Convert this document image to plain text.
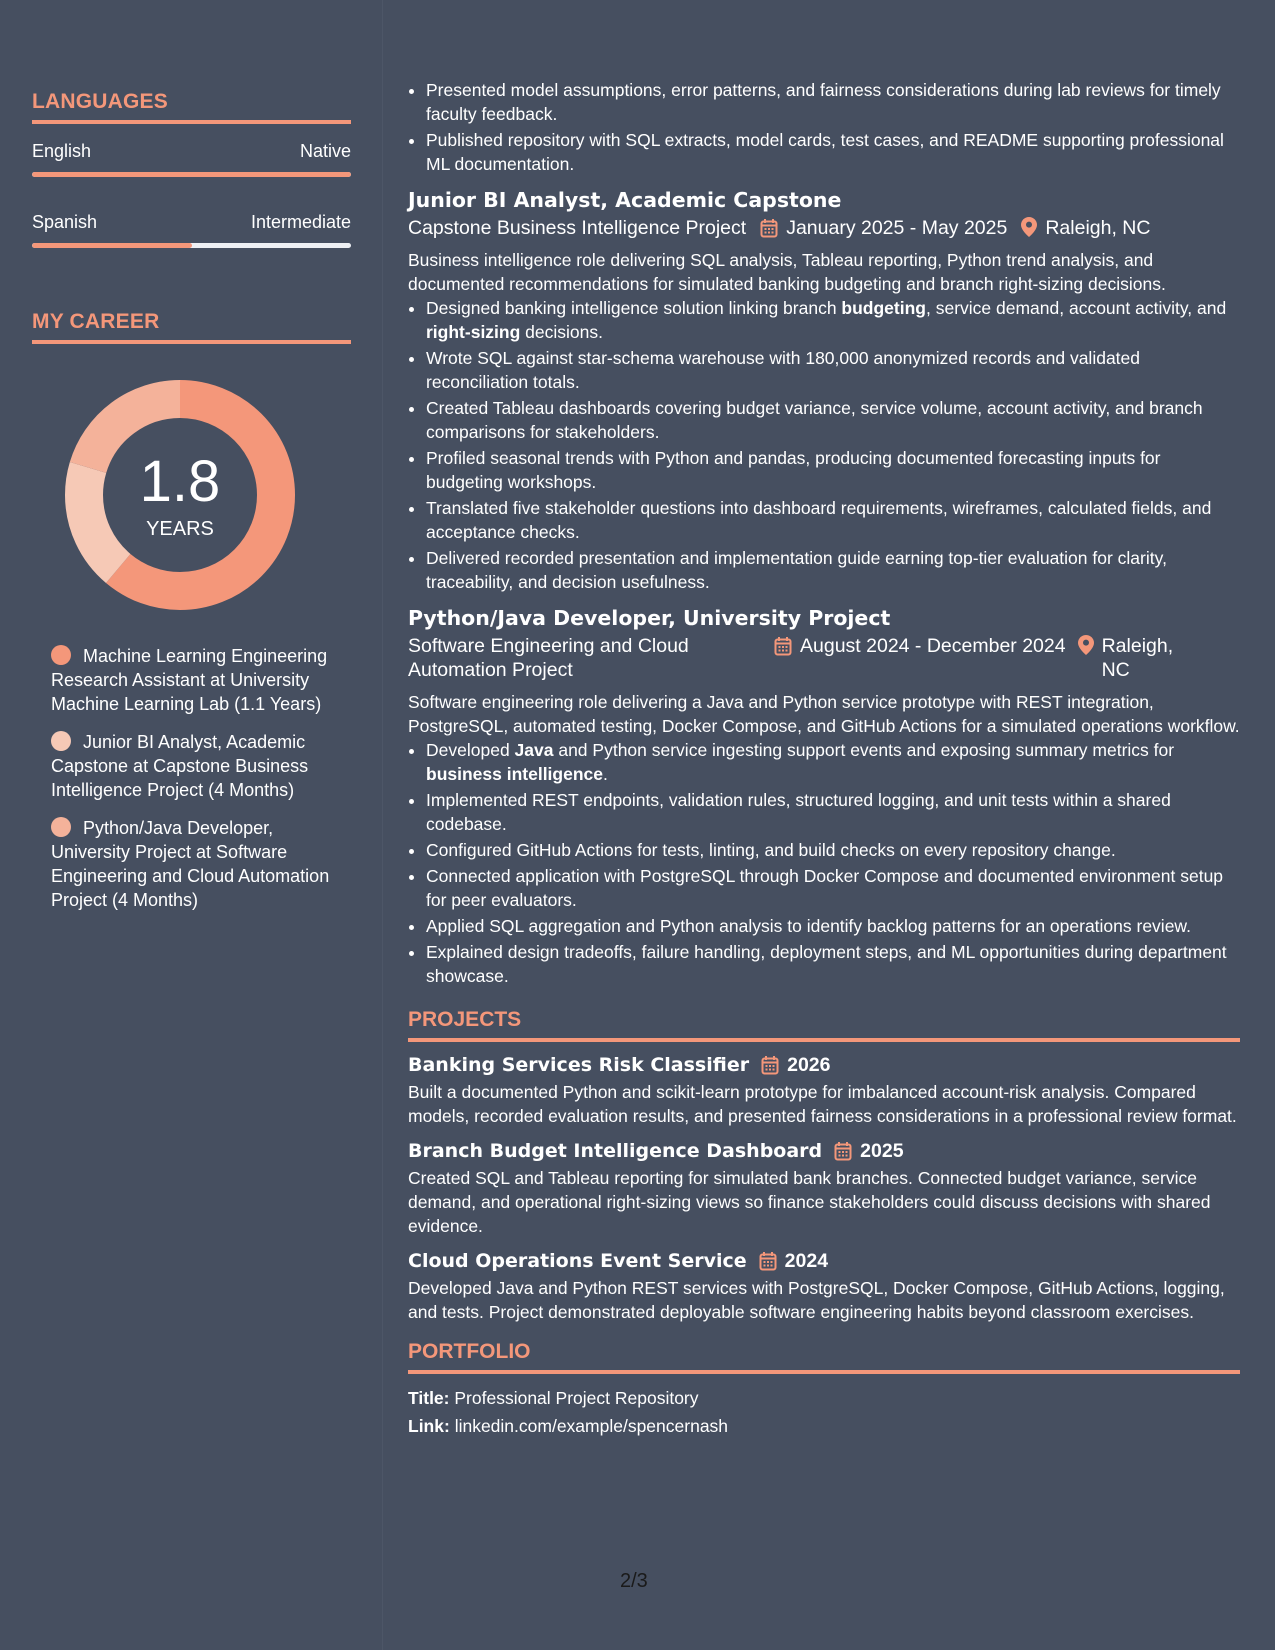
LANGUAGES
English	Native
Spanish	Intermediate
MY CAREER
1.8
YEARS
Machine Learning Engineering Research Assistant at University Machine Learning Lab (1.1 Years)
Junior BI Analyst, Academic Capstone at Capstone Business Intelligence Project (4 Months)
Python/Java Developer, University Project at Software Engineering and Cloud Automation Project (4 Months)
• Presented model assumptions, error patterns, and fairness considerations during lab reviews for timely faculty feedback.
• Published repository with SQL extracts, model cards, test cases, and README supporting professional ML documentation.
Junior BI Analyst, Academic Capstone
Capstone Business Intelligence Project January 2025 - May 2025 Raleigh, NC
Business intelligence role delivering SQL analysis, Tableau reporting, Python trend analysis, and documented recommendations for simulated banking budgeting and branch right-sizing decisions.
• Designed banking intelligence solution linking branch budgeting, service demand, account activity, and right-sizing decisions.
• Wrote SQL against star-schema warehouse with 180,000 anonymized records and validated reconciliation totals.
• Created Tableau dashboards covering budget variance, service volume, account activity, and branch comparisons for stakeholders.
• Profiled seasonal trends with Python and pandas, producing documented forecasting inputs for budgeting workshops.
• Translated five stakeholder questions into dashboard requirements, wireframes, calculated fields, and acceptance checks.
• Delivered recorded presentation and implementation guide earning top-tier evaluation for clarity, traceability, and decision usefulness.
Python/Java Developer, University Project
Software Engineering and Cloud Automation Project
August 2024 - December 2024 Raleigh, NC
Software engineering role delivering a Java and Python service prototype with REST integration, PostgreSQL, automated testing, Docker Compose, and GitHub Actions for a simulated operations workflow.
• Developed Java and Python service ingesting support events and exposing summary metrics for business intelligence.
• Implemented REST endpoints, validation rules, structured logging, and unit tests within a shared codebase.
• Configured GitHub Actions for tests, linting, and build checks on every repository change.
• Connected application with PostgreSQL through Docker Compose and documented environment setup for peer evaluators.
• Applied SQL aggregation and Python analysis to identify backlog patterns for an operations review.
• Explained design tradeoffs, failure handling, deployment steps, and ML opportunities during department showcase.
PROJECTS
Banking Services Risk Classifier 2026
Built a documented Python and scikit-learn prototype for imbalanced account-risk analysis. Compared models, recorded evaluation results, and presented fairness considerations in a professional review format.
Branch Budget Intelligence Dashboard 2025
Created SQL and Tableau reporting for simulated bank branches. Connected budget variance, service demand, and operational right-sizing views so finance stakeholders could discuss decisions with shared evidence.
Cloud Operations Event Service 2024
Developed Java and Python REST services with PostgreSQL, Docker Compose, GitHub Actions, logging, and tests. Project demonstrated deployable software engineering habits beyond classroom exercises.
PORTFOLIO
Title: Professional Project Repository
Link: linkedin.com/example/spencernash
2/3
